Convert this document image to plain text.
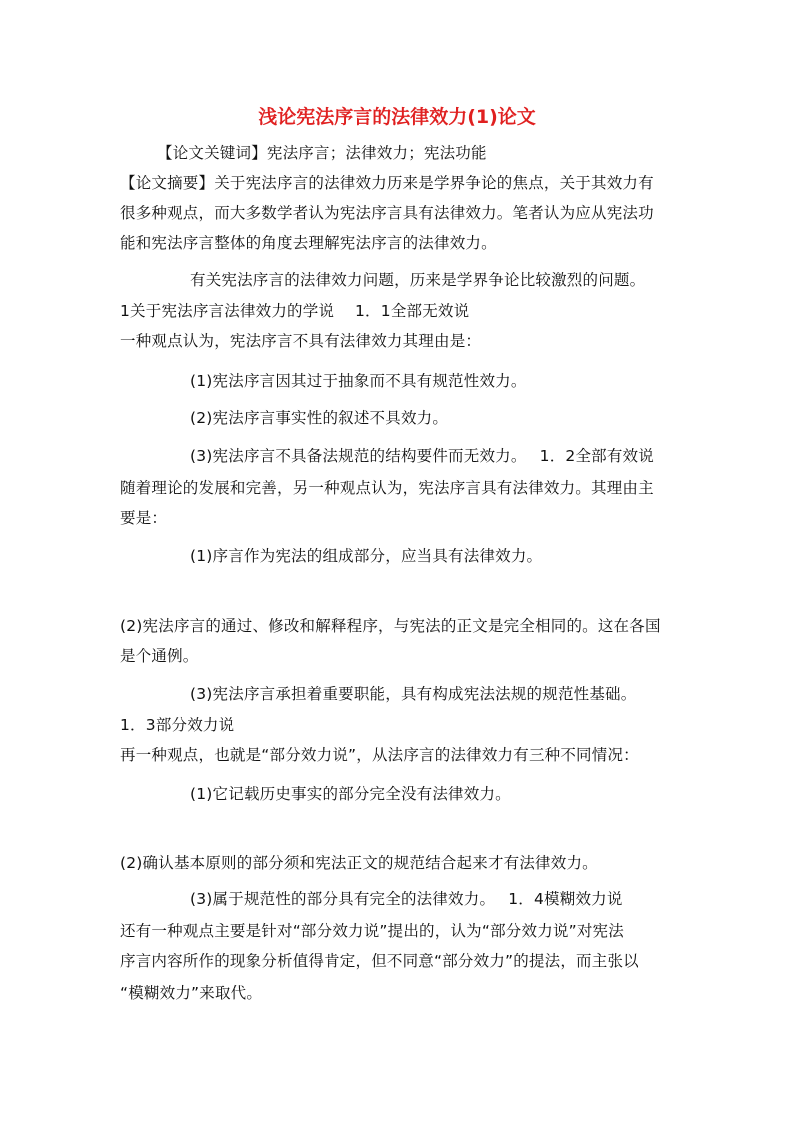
浅论宪法序言的法律效力(1)论文
【论文关键词】宪法序言；法律效力；宪法功能
【论文摘要】关于宪法序言的法律效力历来是学界争论的焦点，关于其效力有
很多种观点，而大多数学者认为宪法序言具有法律效力。笔者认为应从宪法功
能和宪法序言整体的角度去理解宪法序言的法律效力。
有关宪法序言的法律效力问题，历来是学界争论比较激烈的问题。
1关于宪法序言法律效力的学说　 1．1全部无效说
一种观点认为，宪法序言不具有法律效力其理由是：
(1)宪法序言因其过于抽象而不具有规范性效力。
(2)宪法序言事实性的叙述不具效力。
(3)宪法序言不具备法规范的结构要件而无效力。　 1．2全部有效说
随着理论的发展和完善，另一种观点认为，宪法序言具有法律效力。其理由主
要是：
(1)序言作为宪法的组成部分，应当具有法律效力。
(2)宪法序言的通过、修改和解释程序，与宪法的正文是完全相同的。这在各国
是个通例。
(3)宪法序言承担着重要职能，具有构成宪法法规的规范性基础。
1．3部分效力说
再一种观点，也就是“部分效力说”，从法序言的法律效力有三种不同情况：
(1)它记载历史事实的部分完全没有法律效力。
(2)确认基本原则的部分须和宪法正文的规范结合起来才有法律效力。
(3)属于规范性的部分具有完全的法律效力。　 1．4模糊效力说
还有一种观点主要是针对“部分效力说”提出的，认为“部分效力说”对宪法
序言内容所作的现象分析值得肯定，但不同意“部分效力”的提法，而主张以
“模糊效力”来取代。
